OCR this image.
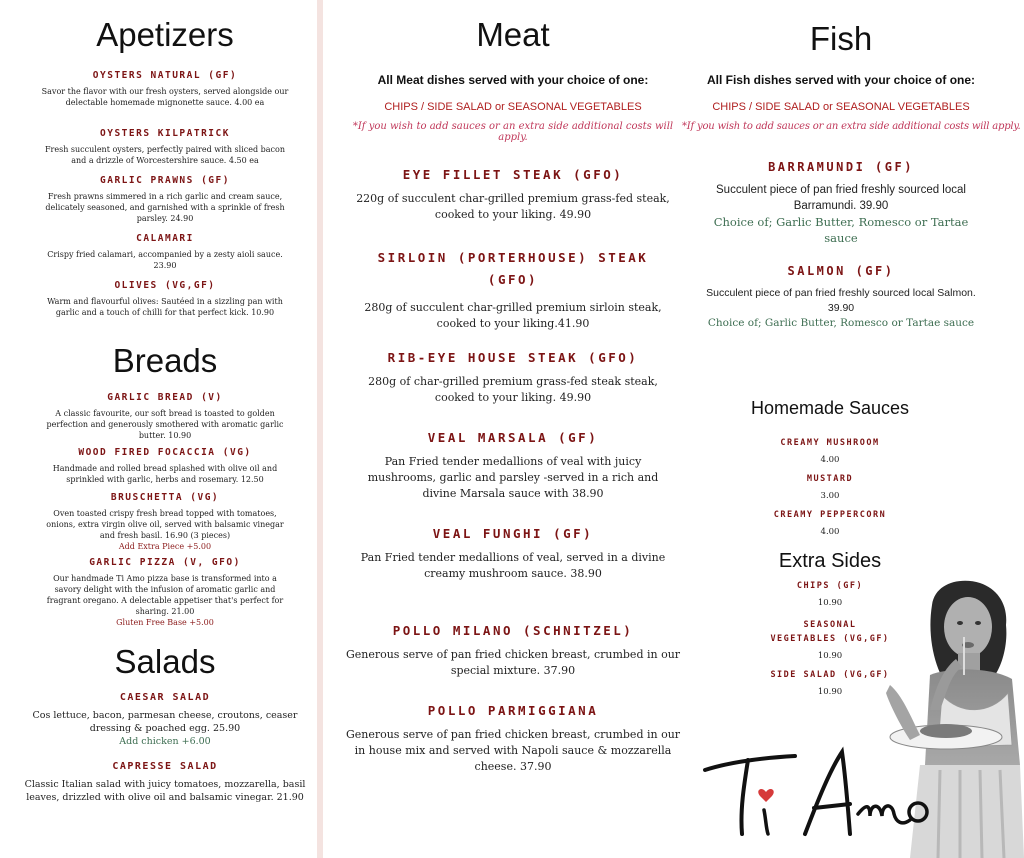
Apetizers
OYSTERS NATURAL (GF)
Savor the flavor with our fresh oysters, served alongside our delectable homemade mignonette sauce. 4.00 ea
OYSTERS KILPATRICK
Fresh succulent oysters, perfectly paired with sliced bacon and a drizzle of Worcestershire sauce. 4.50 ea
GARLIC PRAWNS (GF)
Fresh prawns simmered in a rich garlic and cream sauce, delicately seasoned, and garnished with a sprinkle of fresh parsley. 24.90
CALAMARI
Crispy fried calamari, accompanied by a zesty aioli sauce. 23.90
OLIVES (VG,GF)
Warm and flavourful olives: Sautéed in a sizzling pan with garlic and a touch of chilli for that perfect kick. 10.90
Breads
GARLIC BREAD (V)
A classic favourite, our soft bread is toasted to golden perfection and generously smothered with aromatic garlic butter. 10.90
WOOD FIRED FOCACCIA (VG)
Handmade and rolled bread splashed with olive oil and sprinkled with garlic, herbs and rosemary. 12.50
BRUSCHETTA (VG)
Oven toasted crispy fresh bread topped with tomatoes, onions, extra virgin olive oil, served with balsamic vinegar and fresh basil. 16.90 (3 pieces)
Add Extra Piece +5.00
GARLIC PIZZA (V, GFO)
Our handmade Ti Amo pizza base is transformed into a savory delight with the infusion of aromatic garlic and fragrant oregano. A delectable appetiser that's perfect for sharing. 21.00
Gluten Free Base +5.00
Salads
CAESAR SALAD
Cos lettuce, bacon, parmesan cheese, croutons, ceaser dressing & poached egg. 25.90
Add chicken +6.00
CAPRESSE SALAD
Classic Italian salad with juicy tomatoes, mozzarella, basil leaves, drizzled with olive oil and balsamic vinegar. 21.90
Meat
All Meat dishes served with your choice of one:
CHIPS / SIDE SALAD or SEASONAL VEGETABLES
*If you wish to add sauces or an extra side additional costs will apply.
EYE FILLET STEAK (GFO)
220g of succulent char-grilled premium grass-fed steak, cooked to your liking. 49.90
SIRLOIN (PORTERHOUSE) STEAK (GFO)
280g of succulent char-grilled premium sirloin steak, cooked to your liking.41.90
RIB-EYE HOUSE STEAK (GFO)
280g of char-grilled premium grass-fed steak steak, cooked to your liking. 49.90
VEAL MARSALA (GF)
Pan Fried tender medallions of veal with juicy mushrooms, garlic and parsley -served in a rich and divine Marsala sauce with 38.90
VEAL FUNGHI (GF)
Pan Fried tender medallions of veal, served in a divine creamy mushroom sauce. 38.90
POLLO MILANO (SCHNITZEL)
Generous serve of pan fried chicken breast, crumbed in our special mixture. 37.90
POLLO PARMIGGIANA
Generous serve of pan fried chicken breast, crumbed in our in house mix and served with Napoli sauce & mozzarella cheese. 37.90
Fish
All Fish dishes served with your choice of one:
CHIPS / SIDE SALAD or SEASONAL VEGETABLES
*If you wish to add sauces or an extra side additional costs will apply.
BARRAMUNDI (GF)
Succulent piece of pan fried freshly sourced local Barramundi. 39.90
Choice of; Garlic Butter, Romesco or Tartae sauce
SALMON (GF)
Succulent piece of pan fried freshly sourced local Salmon. 39.90
Choice of; Garlic Butter, Romesco or Tartae sauce
Homemade Sauces
CREAMY MUSHROOM
4.00
MUSTARD
3.00
CREAMY PEPPERCORN
4.00
Extra Sides
CHIPS (GF)
10.90
SEASONAL VEGETABLES (VG,GF)
10.90
SIDE SALAD (VG,GF)
10.90
